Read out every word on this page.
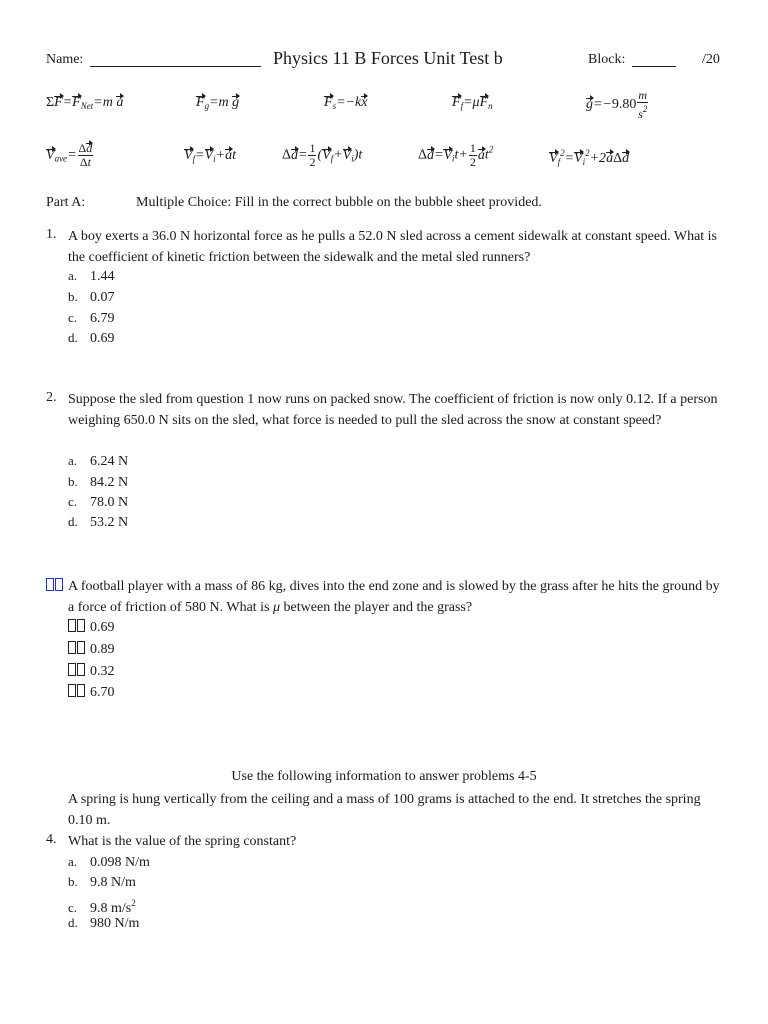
Name:	Physics 11 B Forces Unit Test b	Block:	/20
$\Sigma F=F_{Net}=m$ a	$F_g=m$ g	$F_s=-kx$	$F_f=\mu F_n$	$g=-9.80 \frac{m}{s^2}$
$V_{ave}= \frac{\Delta d}{\Delta t}$	$V_f=V_i+at$	$\Delta d= \frac{1}{2} (V_f+V_i)t$	$\Delta d=V_it+ \frac{1}{2} at^2$
$V_f^2=V_i^2+2a\Delta d$
Part A:	Multiple Choice: Fill in the correct bubble on the bubble sheet provided.
1. A boy exerts a 36.0 N horizontal force as he pulls a 52.0 N sled across a cement sidewalk at constant speed. What is the coefficient of kinetic friction between the sidewalk and the metal sled runners?
a. 1.44
b. 0.07
c. 6.79
d. 0.69
2. Suppose the sled from question 1 now runs on packed snow. The coefficient of friction is now only 0.12. If a person weighing 650.0 N sits on the sled, what force is needed to pull the sled across the snow at constant speed?
a. 6.24 N
b. 84.2 N
c. 78.0 N
d. 53.2 N
A football player with a mass of 86 kg, dives into the end zone and is slowed by the grass after he hits the ground by a force of friction of 580 N. What is μ between the player and the grass?
0.69
0.89
0.32
6.70
Use the following information to answer problems 4-5
A spring is hung vertically from the ceiling and a mass of 100 grams is attached to the end. It stretches the spring 0.10 m.
4. What is the value of the spring constant?
a. 0.098 N/m
b. 9.8 N/m
c. 9.8 $m/s^2$
d. 980 N/m
